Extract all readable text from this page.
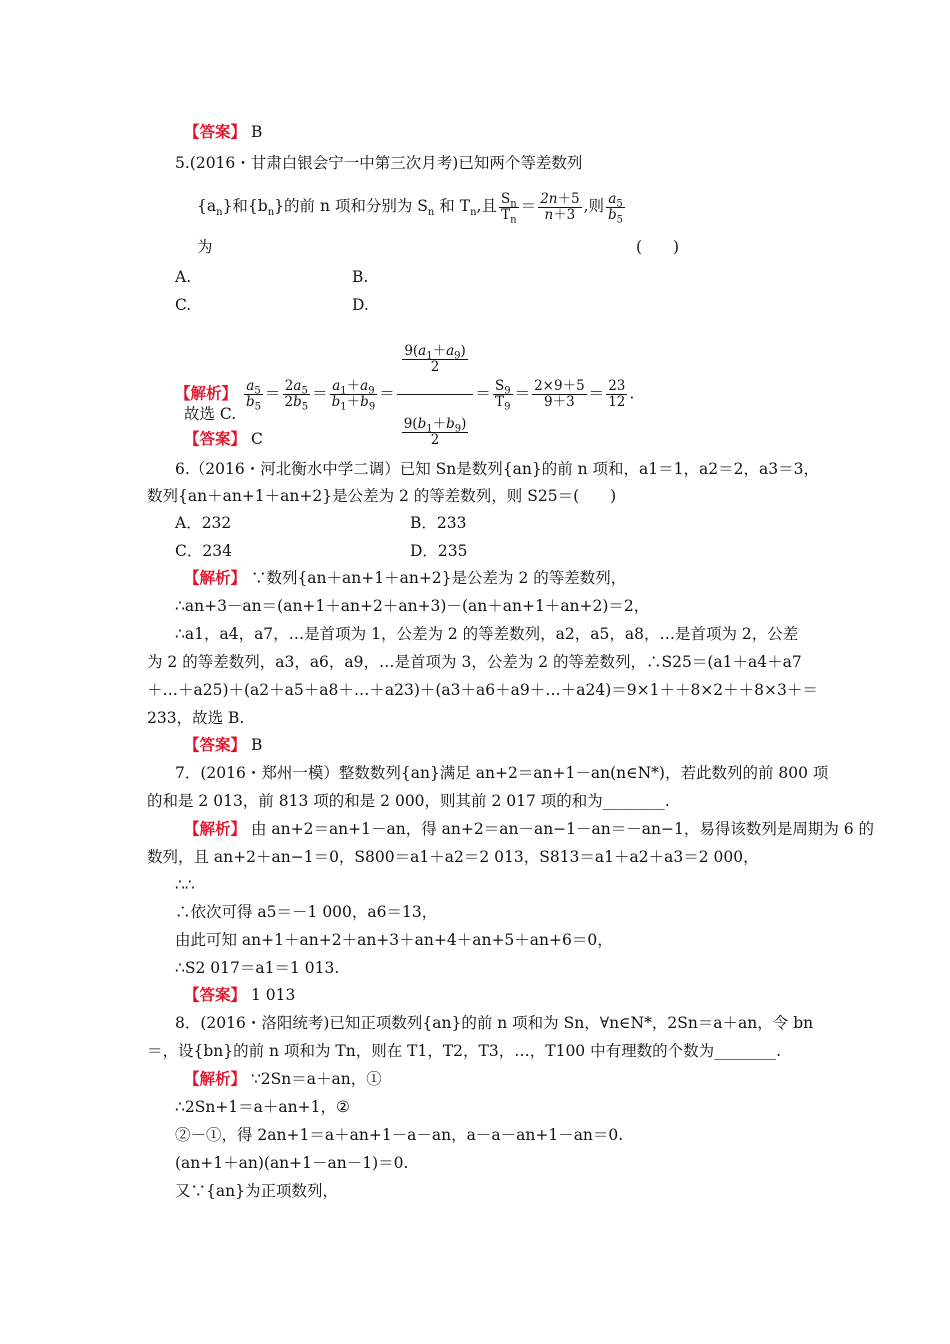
【答案】 B
5.(2016・甘肃白银会宁一中第三次月考)已知两个等差数列
$\{a_n\}$和$\{b_n\}$的前 n 项和分别为 $S_n$ 和 $T_n$,且 $\frac{S_n}{T_n} = \frac{2n+5}{n+3}$ ,则 $\frac{a_5}{b_5}$
为	(　　)
A.	B.
C.	D.
【解析】 $\frac{a_5}{b_5} = \frac{2a_5}{2b_5} = \frac{a_1+a_9}{b_1+b_9} = \frac{\frac{9(a_1+a_9)}{2}}{\frac{9(b_1+b_9)}{2}} = \frac{S_9}{T_9} = \frac{2\times 9+5}{9+3} = \frac{23}{12}$ .
故选 C.
【答案】 C
6.（2016・河北衡水中学二调）已知 Sn是数列{an}的前 n 项和，a1＝1，a2＝2，a3＝3，
数列{an＋an+1＋an+2}是公差为 2 的等差数列，则 S25＝(　　)
A．232	B．233
C．234	D．235
【解析】 ∵数列{an＋an+1＋an+2}是公差为 2 的等差数列，
∴an+3－an＝(an+1＋an+2＋an+3)－(an＋an+1＋an+2)＝2，
∴a1，a4，a7，…是首项为 1，公差为 2 的等差数列，a2，a5，a8，…是首项为 2，公差
为 2 的等差数列，a3，a6，a9，…是首项为 3，公差为 2 的等差数列，∴S25＝(a1＋a4＋a7
＋…＋a25)＋(a2＋a5＋a8＋…＋a23)＋(a3＋a6＋a9＋…＋a24)＝9×1＋＋8×2＋＋8×3＋＝
233，故选 B.
【答案】 B
7．(2016・郑州一模）整数数列{an}满足 an+2＝an+1－an(n∈N*)，若此数列的前 800 项
的和是 2 013，前 813 项的和是 2 000，则其前 2 017 项的和为________.
【解析】 由 an+2＝an+1－an，得 an+2＝an－an−1－an＝－an−1，易得该数列是周期为 6 的
数列，且 an+2＋an−1＝0，S800＝a1＋a2＝2 013，S813＝a1＋a2＋a3＝2 000，
∴∴
∴依次可得 a5＝－1 000，a6＝13，
由此可知 an+1＋an+2＋an+3＋an+4＋an+5＋an+6＝0，
∴S2 017＝a1＝1 013.
【答案】 1 013
8．(2016・洛阳统考)已知正项数列{an}的前 n 项和为 Sn，∀n∈N*，2Sn＝a＋an，令 bn
＝，设{bn}的前 n 项和为 Tn，则在 T1，T2，T3，…，T100 中有理数的个数为________.
【解析】 ∵2Sn＝a＋an，①
∴2Sn+1＝a＋an+1，②
②－①，得 2an+1＝a＋an+1－a－an，a－a－an+1－an＝0.
(an+1＋an)(an+1－an－1)＝0.
又∵{an}为正项数列，
